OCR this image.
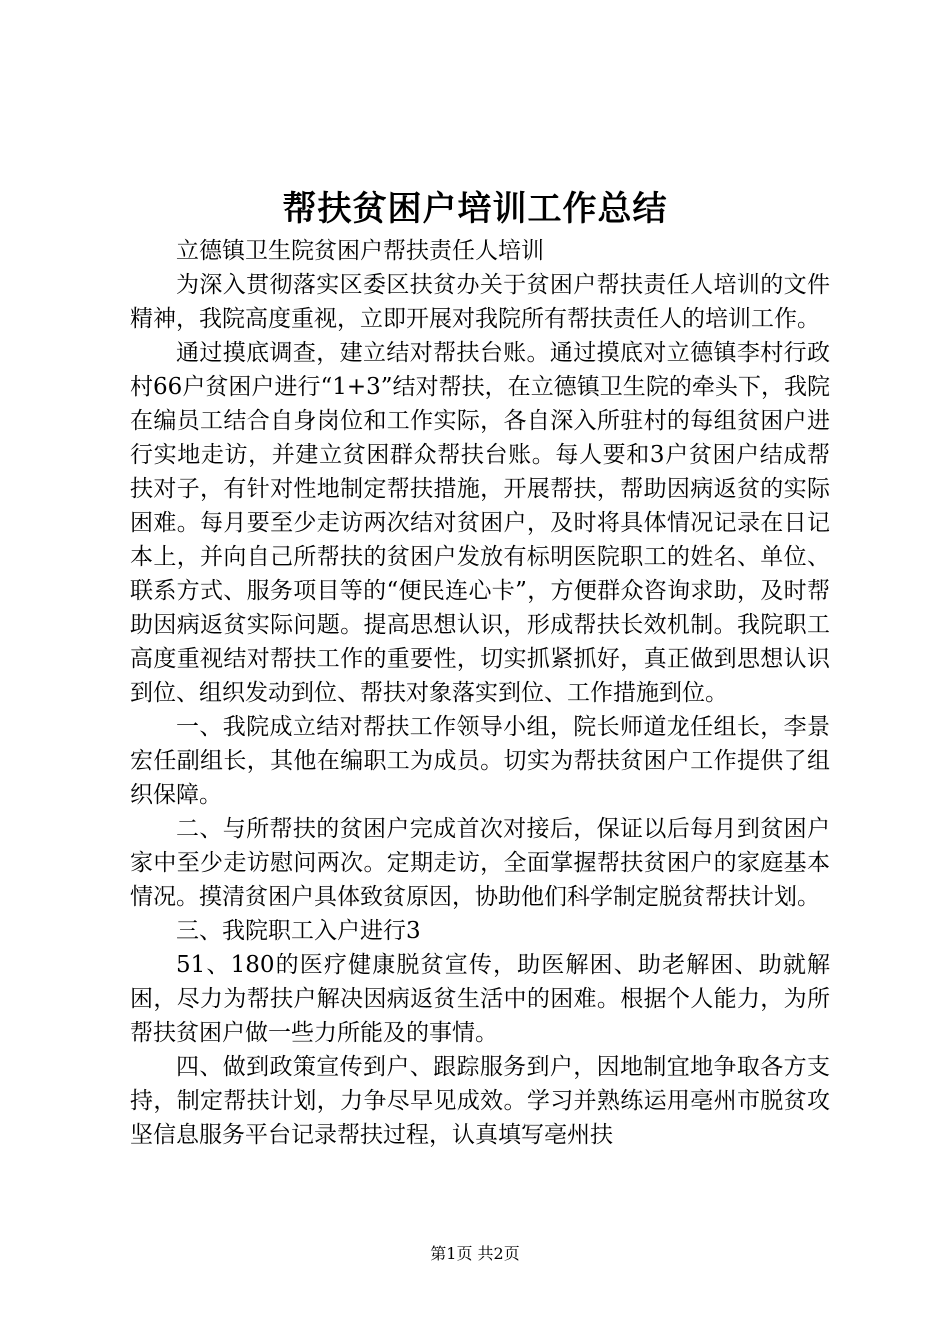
帮扶贫困户培训工作总结

立德镇卫生院贫困户帮扶责任人培训

为深入贯彻落实区委区扶贫办关于贫困户帮扶责任人培训的文件精神，我院高度重视，立即开展对我院所有帮扶责任人的培训工作。

通过摸底调查，建立结对帮扶台账。通过摸底对立德镇李村行政村66户贫困户进行“1+3”结对帮扶，在立德镇卫生院的牵头下，我院在编员工结合自身岗位和工作实际，各自深入所驻村的每组贫困户进行实地走访，并建立贫困群众帮扶台账。每人要和3户贫困户结成帮扶对子，有针对性地制定帮扶措施，开展帮扶，帮助因病返贫的实际困难。每月要至少走访两次结对贫困户，及时将具体情况记录在日记本上，并向自己所帮扶的贫困户发放有标明医院职工的姓名、单位、联系方式、服务项目等的“便民连心卡”，方便群众咨询求助，及时帮助因病返贫实际问题。提高思想认识，形成帮扶长效机制。我院职工高度重视结对帮扶工作的重要性，切实抓紧抓好，真正做到思想认识到位、组织发动到位、帮扶对象落实到位、工作措施到位。

一、我院成立结对帮扶工作领导小组，院长师道龙任组长，李景宏任副组长，其他在编职工为成员。切实为帮扶贫困户工作提供了组织保障。

二、与所帮扶的贫困户完成首次对接后，保证以后每月到贫困户家中至少走访慰问两次。定期走访，全面掌握帮扶贫困户的家庭基本情况。摸清贫困户具体致贫原因，协助他们科学制定脱贫帮扶计划。

三、我院职工入户进行3

51、180的医疗健康脱贫宣传，助医解困、助老解困、助就解困，尽力为帮扶户解决因病返贫生活中的困难。根据个人能力，为所帮扶贫困户做一些力所能及的事情。

四、做到政策宣传到户、跟踪服务到户，因地制宜地争取各方支持，制定帮扶计划，力争尽早见成效。学习并熟练运用亳州市脱贫攻坚信息服务平台记录帮扶过程，认真填写亳州扶

第1页 共2页
